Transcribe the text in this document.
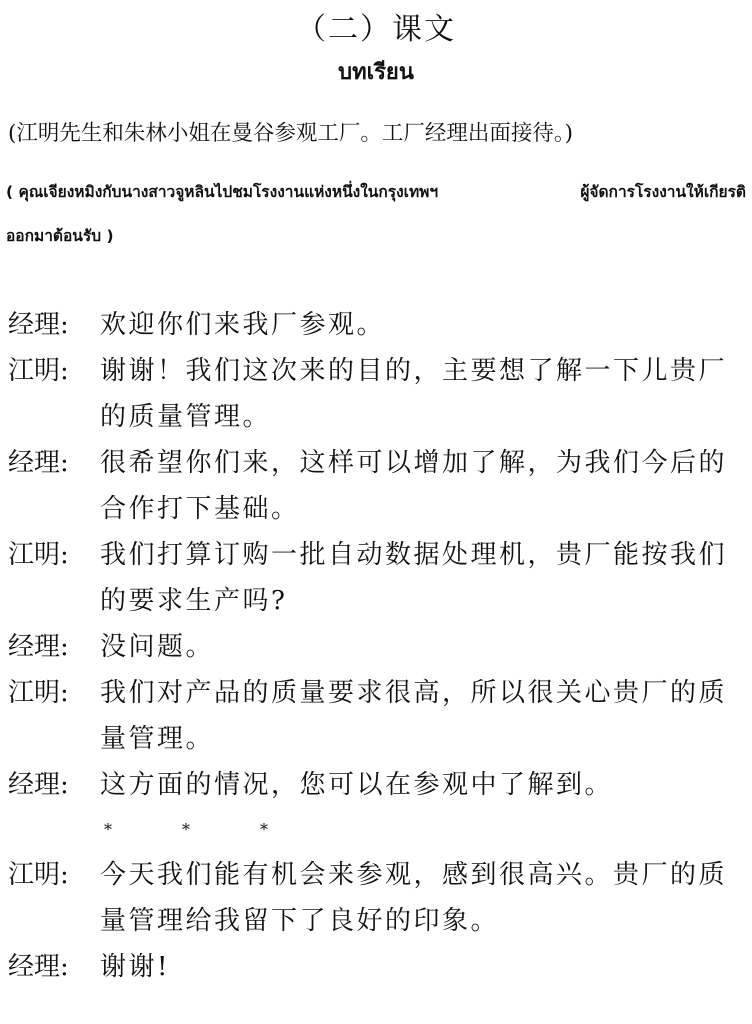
（二）课文
บทเรียน
(江明先生和朱林小姐在曼谷参观工厂。工厂经理出面接待。)
( คุณเจียงหมิงกับนางสาวจูหลินไปชมโรงงานแห่งหนึ่งในกรุงเทพฯ	ผู้จัดการโรงงานให้เกียรติ
ออกมาต้อนรับ )
经理:	欢迎你们来我厂参观。
江明:	谢谢！我们这次来的目的，主要想了解一下儿贵厂的质量管理。
经理:	很希望你们来，这样可以增加了解，为我们今后的合作打下基础。
江明:	我们打算订购一批自动数据处理机，贵厂能按我们的要求生产吗?
经理:	没问题。
江明:	我们对产品的质量要求很高，所以很关心贵厂的质量管理。
经理:	这方面的情况，您可以在参观中了解到。
*	*	*
江明:	今天我们能有机会来参观，感到很高兴。贵厂的质量管理给我留下了良好的印象。
经理:	谢谢!
